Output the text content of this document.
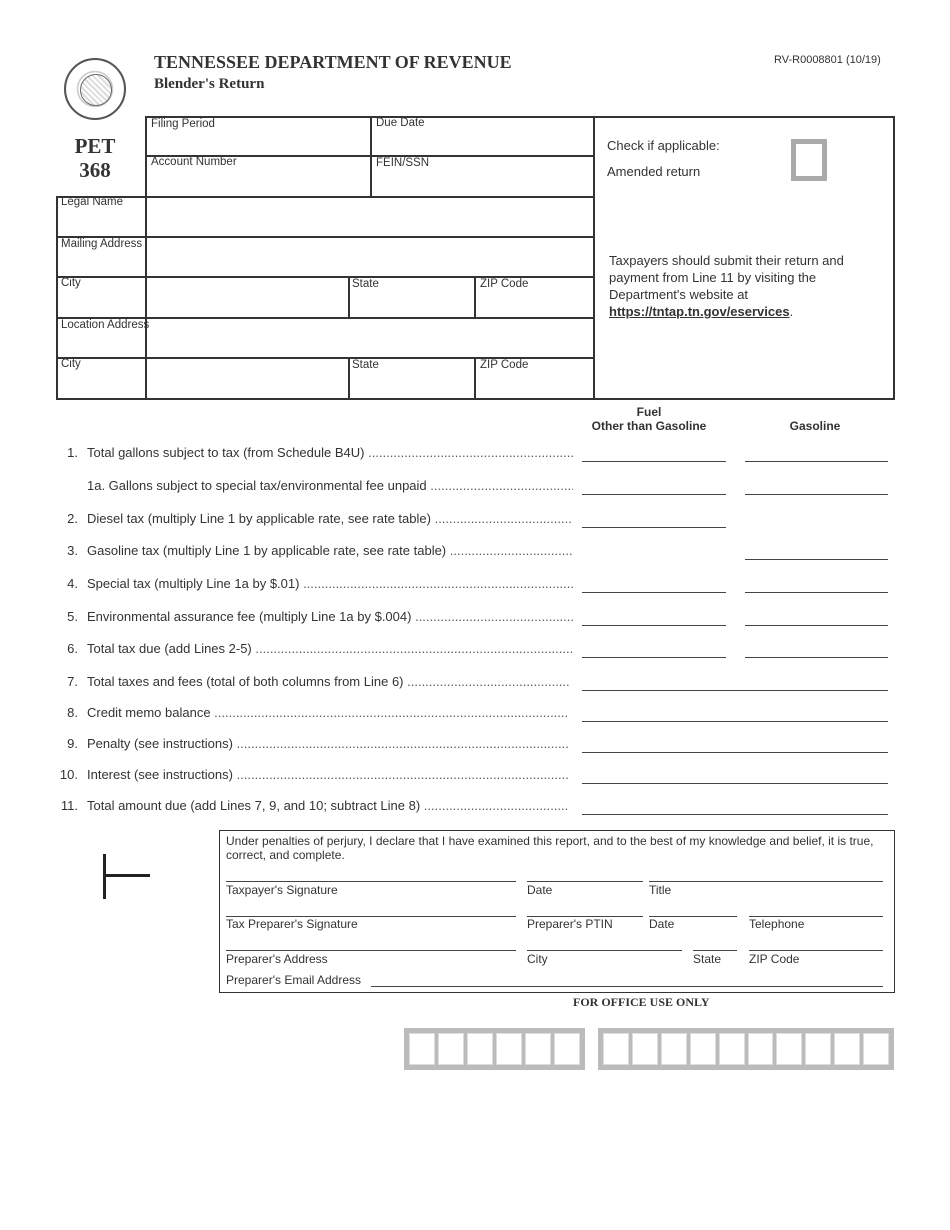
TENNESSEE DEPARTMENT OF REVENUE
Blender's Return
RV-R0008801 (10/19)
PET
368
Filing Period	Due Date
Account Number	FEIN/SSN
Legal Name
Mailing Address
City	State	ZIP Code
Location Address
City	State	ZIP Code
Check if applicable:
Amended return
Taxpayers should submit their return and payment from Line 11 by visiting the Department's website at https://tntap.tn.gov/eservices.
Fuel
Other than Gasoline	Gasoline
1. Total gallons subject to tax (from Schedule B4U) .....
1a. Gallons subject to special tax/environmental fee unpaid .....
2. Diesel tax (multiply Line 1 by applicable rate, see rate table) .....
3. Gasoline tax (multiply Line 1 by applicable rate, see rate table) .....
4. Special tax (multiply Line 1a by $.01) .....
5. Environmental assurance fee (multiply Line 1a by $.004) .....
6. Total tax due (add Lines 2-5) .....
7. Total taxes and fees (total of both columns from Line 6) .....
8. Credit memo balance .....
9. Penalty (see instructions) .....
10. Interest (see instructions) .....
11. Total amount due (add Lines 7, 9, and 10; subtract Line 8) .....
Under penalties of perjury, I declare that I have examined this report, and to the best of my knowledge and belief, it is true, correct, and complete.
Taxpayer's Signature	Date	Title
Tax Preparer's Signature	Preparer's PTIN	Date	Telephone
Preparer's Address	City	State ZIP Code
Preparer's Email Address
FOR OFFICE USE ONLY
